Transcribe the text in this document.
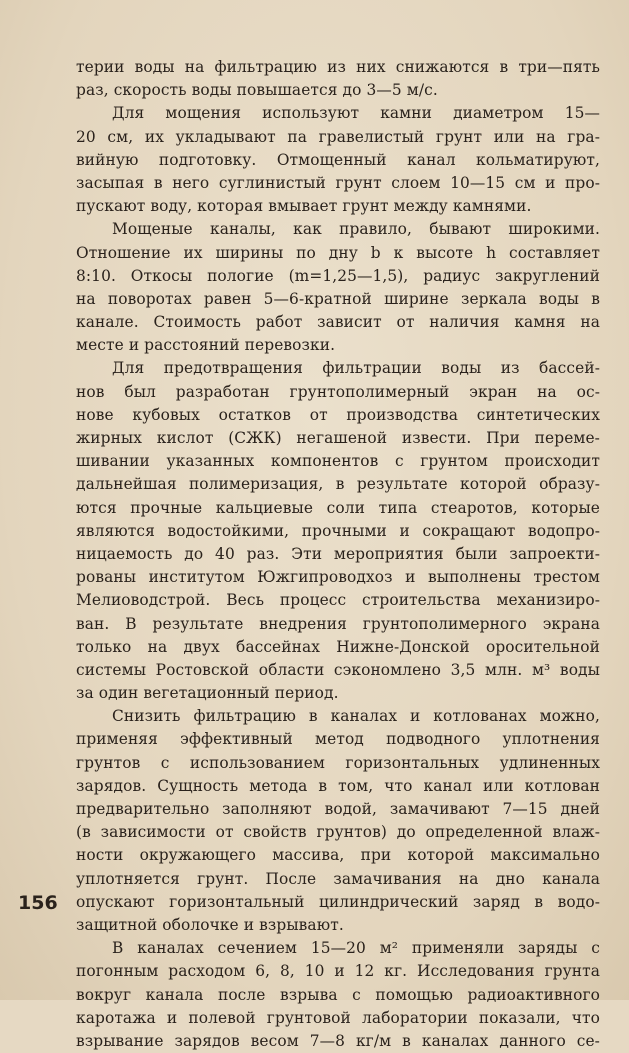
терии воды на фильтрацию из них снижаются в три—пять
раз, скорость воды повышается до 3—5 м/с.
Для мощения используют камни диаметром 15—
20 см, их укладывают па гравелистый грунт или на гра-
вийную подготовку. Отмощенный канал кольматируют,
засыпая в него суглинистый грунт слоем 10—15 см и про-
пускают воду, которая вмывает грунт между камнями.
Мощеные каналы, как правило, бывают широкими.
Отношение их ширины по дну b к высоте h составляет
8:10. Откосы пологие (m=1,25—1,5), радиус закруглений
на поворотах равен 5—6-кратной ширине зеркала воды в
канале. Стоимость работ зависит от наличия камня на
месте и расстояний перевозки.
Для предотвращения фильтрации воды из бассей-
нов был разработан грунтополимерный экран на ос-
нове кубовых остатков от производства синтетических
жирных кислот (СЖК) негашеной извести. При переме-
шивании указанных компонентов с грунтом происходит
дальнейшая полимеризация, в результате которой образу-
ются прочные кальциевые соли типа стеаротов, которые
являются водостойкими, прочными и сокращают водопро-
ницаемость до 40 раз. Эти мероприятия были запроекти-
рованы институтом Южгипроводхоз и выполнены трестом
Мелиоводстрой. Весь процесс строительства механизиро-
ван. В результате внедрения грунтополимерного экрана
только на двух бассейнах Нижне-Донской оросительной
системы Ростовской области сэкономлено 3,5 млн. м³ воды
за один вегетационный период.
Снизить фильтрацию в каналах и котлованах можно,
применяя эффективный метод подводного уплотнения
грунтов с использованием горизонтальных удлиненных
зарядов. Сущность метода в том, что канал или котлован
предварительно заполняют водой, замачивают 7—15 дней
(в зависимости от свойств грунтов) до определенной влаж-
ности окружающего массива, при которой максимально
уплотняется грунт. После замачивания на дно канала
опускают горизонтальный цилиндрический заряд в водо-
защитной оболочке и взрывают.
В каналах сечением 15—20 м² применяли заряды с
погонным расходом 6, 8, 10 и 12 кг. Исследования грунта
вокруг канала после взрыва с помощью радиоактивного
каротажа и полевой грунтовой лаборатории показали, что
взрывание зарядов весом 7—8 кг/м в каналах данного се-
156
